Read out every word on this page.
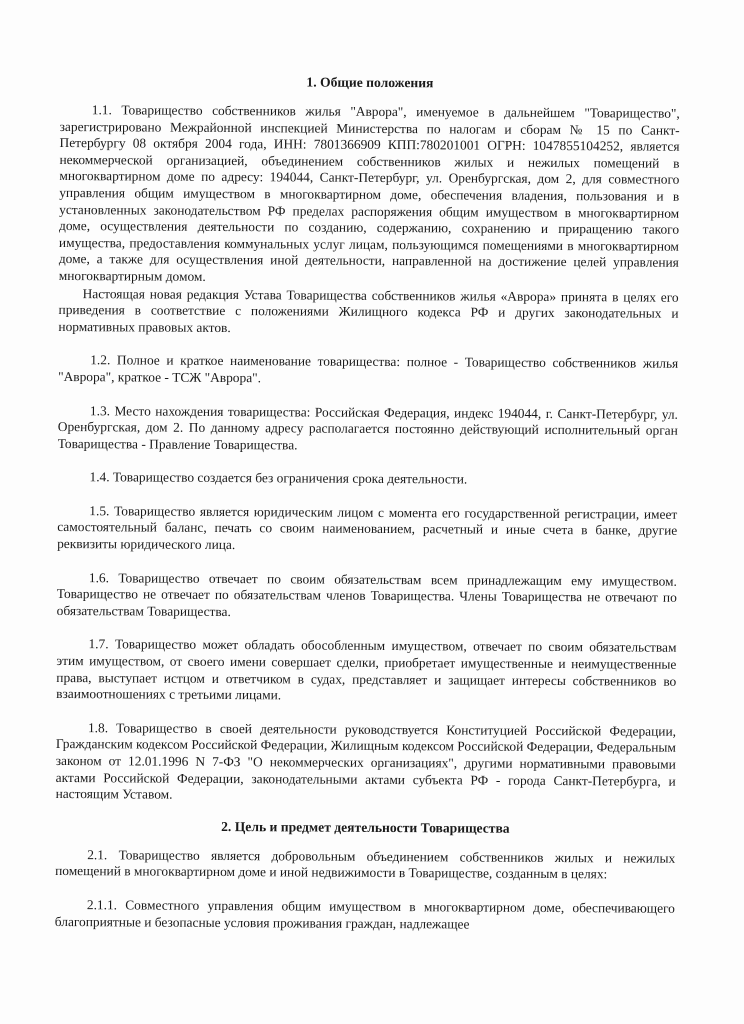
1. Общие положения

1.1. Товарищество собственников жилья "Аврора", именуемое в дальнейшем "Товарищество", зарегистрировано Межрайонной инспекцией Министерства по налогам и сборам № 15 по Санкт-Петербургу 08 октября 2004 года, ИНН: 7801366909 КПП:780201001 ОГРН: 1047855104252, является некоммерческой организацией, объединением собственников жилых и нежилых помещений в многоквартирном доме по адресу: 194044, Санкт-Петербург, ул. Оренбургская, дом 2, для совместного управления общим имуществом в многоквартирном доме, обеспечения владения, пользования и в установленных законодательством РФ пределах распоряжения общим имуществом в многоквартирном доме, осуществления деятельности по созданию, содержанию, сохранению и приращению такого имущества, предоставления коммунальных услуг лицам, пользующимся помещениями в многоквартирном доме, а также для осуществления иной деятельности, направленной на достижение целей управления многоквартирным домом.

Настоящая новая редакция Устава Товарищества собственников жилья «Аврора» принята в целях его приведения в соответствие с положениями Жилищного кодекса РФ и других законодательных и нормативных правовых актов.

1.2. Полное и краткое наименование товарищества: полное - Товарищество собственников жилья "Аврора", краткое - ТСЖ "Аврора".

1.3. Место нахождения товарищества: Российская Федерация, индекс 194044, г. Санкт-Петербург, ул. Оренбургская, дом 2. По данному адресу располагается постоянно действующий исполнительный орган Товарищества - Правление Товарищества.

1.4. Товарищество создается без ограничения срока деятельности.

1.5. Товарищество является юридическим лицом с момента его государственной регистрации, имеет самостоятельный баланс, печать со своим наименованием, расчетный и иные счета в банке, другие реквизиты юридического лица.

1.6. Товарищество отвечает по своим обязательствам всем принадлежащим ему имуществом. Товарищество не отвечает по обязательствам членов Товарищества. Члены Товарищества не отвечают по обязательствам Товарищества.

1.7. Товарищество может обладать обособленным имуществом, отвечает по своим обязательствам этим имуществом, от своего имени совершает сделки, приобретает имущественные и неимущественные права, выступает истцом и ответчиком в судах, представляет и защищает интересы собственников во взаимоотношениях с третьими лицами.

1.8. Товарищество в своей деятельности руководствуется Конституцией Российской Федерации, Гражданским кодексом Российской Федерации, Жилищным кодексом Российской Федерации, Федеральным законом от 12.01.1996 N 7-ФЗ "О некоммерческих организациях", другими нормативными правовыми актами Российской Федерации, законодательными актами субъекта РФ - города Санкт-Петербурга, и настоящим Уставом.

2. Цель и предмет деятельности Товарищества

2.1. Товарищество является добровольным объединением собственников жилых и нежилых помещений в многоквартирном доме и иной недвижимости в Товариществе, созданным в целях:

2.1.1. Совместного управления общим имуществом в многоквартирном доме, обеспечивающего благоприятные и безопасные условия проживания граждан, надлежащее
